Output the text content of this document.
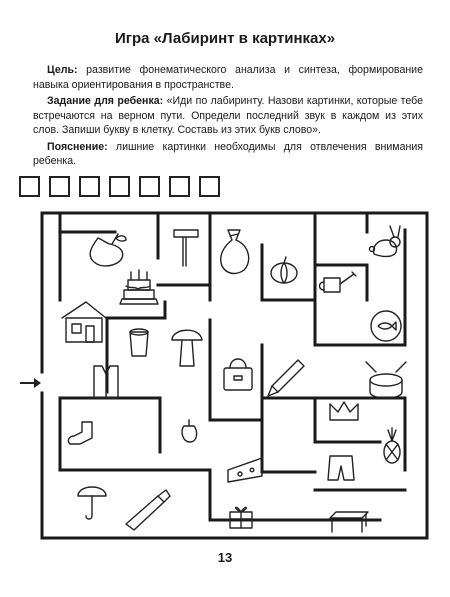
Игра «Лабиринт в картинках»

Цель: развитие фонематического анализа и синтеза, формирование навыка ориентирования в пространстве.

Задание для ребенка: «Иди по лабиринту. Назови картинки, которые тебе встречаются на верном пути. Определи последний звук в каждом из этих слов. Запиши букву в клетку. Составь из этих букв слово».

Пояснение: лишние картинки необходимы для отвлечения внимания ребенка.

13
